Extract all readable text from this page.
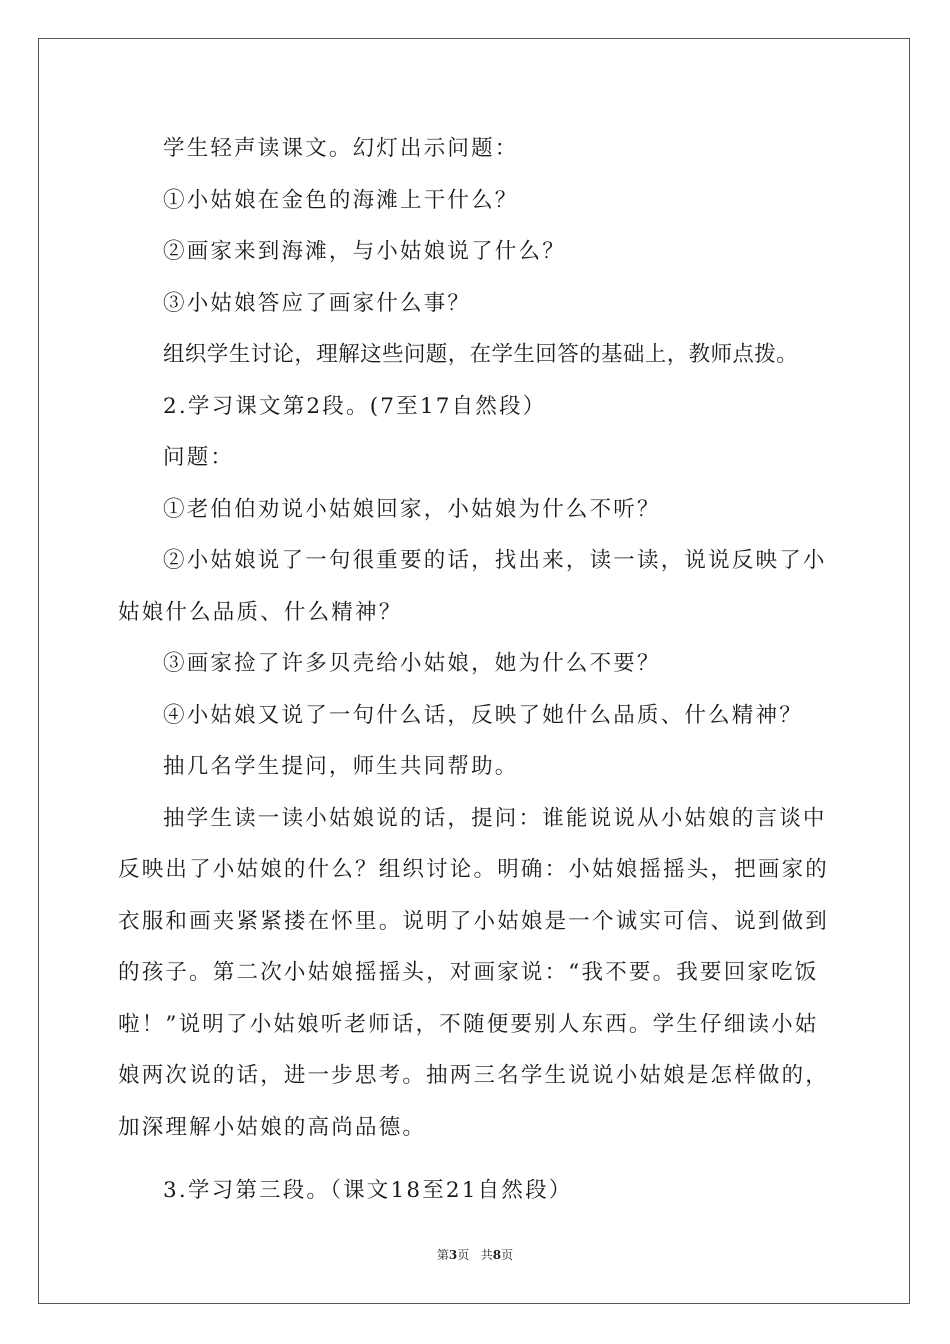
学生轻声读课文。幻灯出示问题：
①小姑娘在金色的海滩上干什么？
②画家来到海滩，与小姑娘说了什么？
③小姑娘答应了画家什么事？
组织学生讨论，理解这些问题，在学生回答的基础上，教师点拨。
2.学习课文第2段。(7至17自然段）
问题：
①老伯伯劝说小姑娘回家，小姑娘为什么不听？
②小姑娘说了一句很重要的话，找出来，读一读，说说反映了小
姑娘什么品质、什么精神？
③画家捡了许多贝壳给小姑娘，她为什么不要？
④小姑娘又说了一句什么话，反映了她什么品质、什么精神？
抽几名学生提问，师生共同帮助。
抽学生读一读小姑娘说的话，提问：谁能说说从小姑娘的言谈中
反映出了小姑娘的什么？组织讨论。明确：小姑娘摇摇头，把画家的
衣服和画夹紧紧搂在怀里。说明了小姑娘是一个诚实可信、说到做到
的孩子。第二次小姑娘摇摇头，对画家说：“我不要。我要回家吃饭
啦！”说明了小姑娘听老师话，不随便要别人东西。学生仔细读小姑
娘两次说的话，进一步思考。抽两三名学生说说小姑娘是怎样做的，
加深理解小姑娘的高尚品德。
3.学习第三段。（课文18至21自然段）
第3页 共8页
